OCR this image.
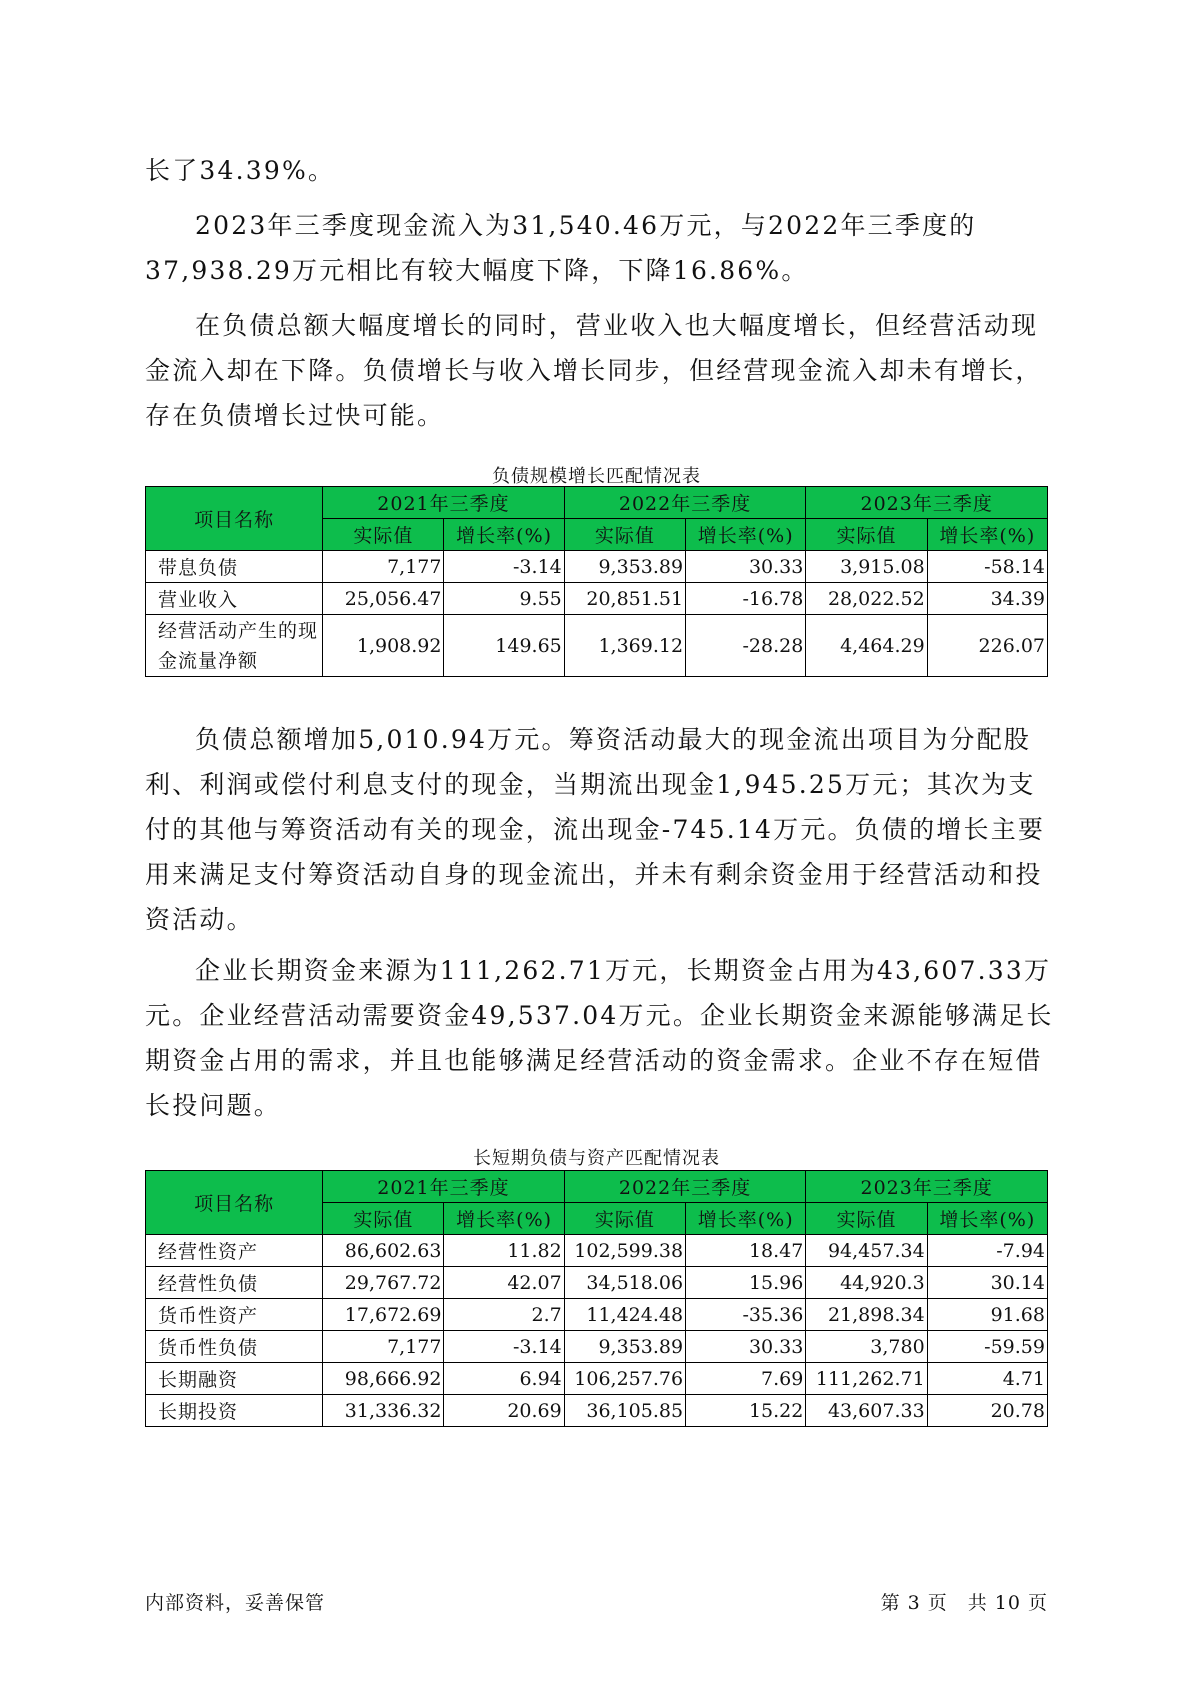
长了34.39%。

2023年三季度现金流入为31,540.46万元，与2022年三季度的37,938.29万元相比有较大幅度下降，下降16.86%。

在负债总额大幅度增长的同时，营业收入也大幅度增长，但经营活动现金流入却在下降。负债增长与收入增长同步，但经营现金流入却未有增长，存在负债增长过快可能。

负债规模增长匹配情况表
项目名称	2021年三季度		2022年三季度		2023年三季度	
	实际值	增长率(%)	实际值	增长率(%)	实际值	增长率(%)
带息负债	7,177	-3.14	9,353.89	30.33	3,915.08	-58.14
营业收入	25,056.47	9.55	20,851.51	-16.78	28,022.52	34.39
经营活动产生的现金流量净额	1,908.92	149.65	1,369.12	-28.28	4,464.29	226.07

负债总额增加5,010.94万元。筹资活动最大的现金流出项目为分配股利、利润或偿付利息支付的现金，当期流出现金1,945.25万元；其次为支付的其他与筹资活动有关的现金，流出现金-745.14万元。负债的增长主要用来满足支付筹资活动自身的现金流出，并未有剩余资金用于经营活动和投资活动。

企业长期资金来源为111,262.71万元，长期资金占用为43,607.33万元。企业经营活动需要资金49,537.04万元。企业长期资金来源能够满足长期资金占用的需求，并且也能够满足经营活动的资金需求。企业不存在短借长投问题。

长短期负债与资产匹配情况表
项目名称	2021年三季度		2022年三季度		2023年三季度	
	实际值	增长率(%)	实际值	增长率(%)	实际值	增长率(%)
经营性资产	86,602.63	11.82	102,599.38	18.47	94,457.34	-7.94
经营性负债	29,767.72	42.07	34,518.06	15.96	44,920.3	30.14
货币性资产	17,672.69	2.7	11,424.48	-35.36	21,898.34	91.68
货币性负债	7,177	-3.14	9,353.89	30.33	3,780	-59.59
长期融资	98,666.92	6.94	106,257.76	7.69	111,262.71	4.71
长期投资	31,336.32	20.69	36,105.85	15.22	43,607.33	20.78
内部资料，妥善保管	第 3 页　共 10 页
